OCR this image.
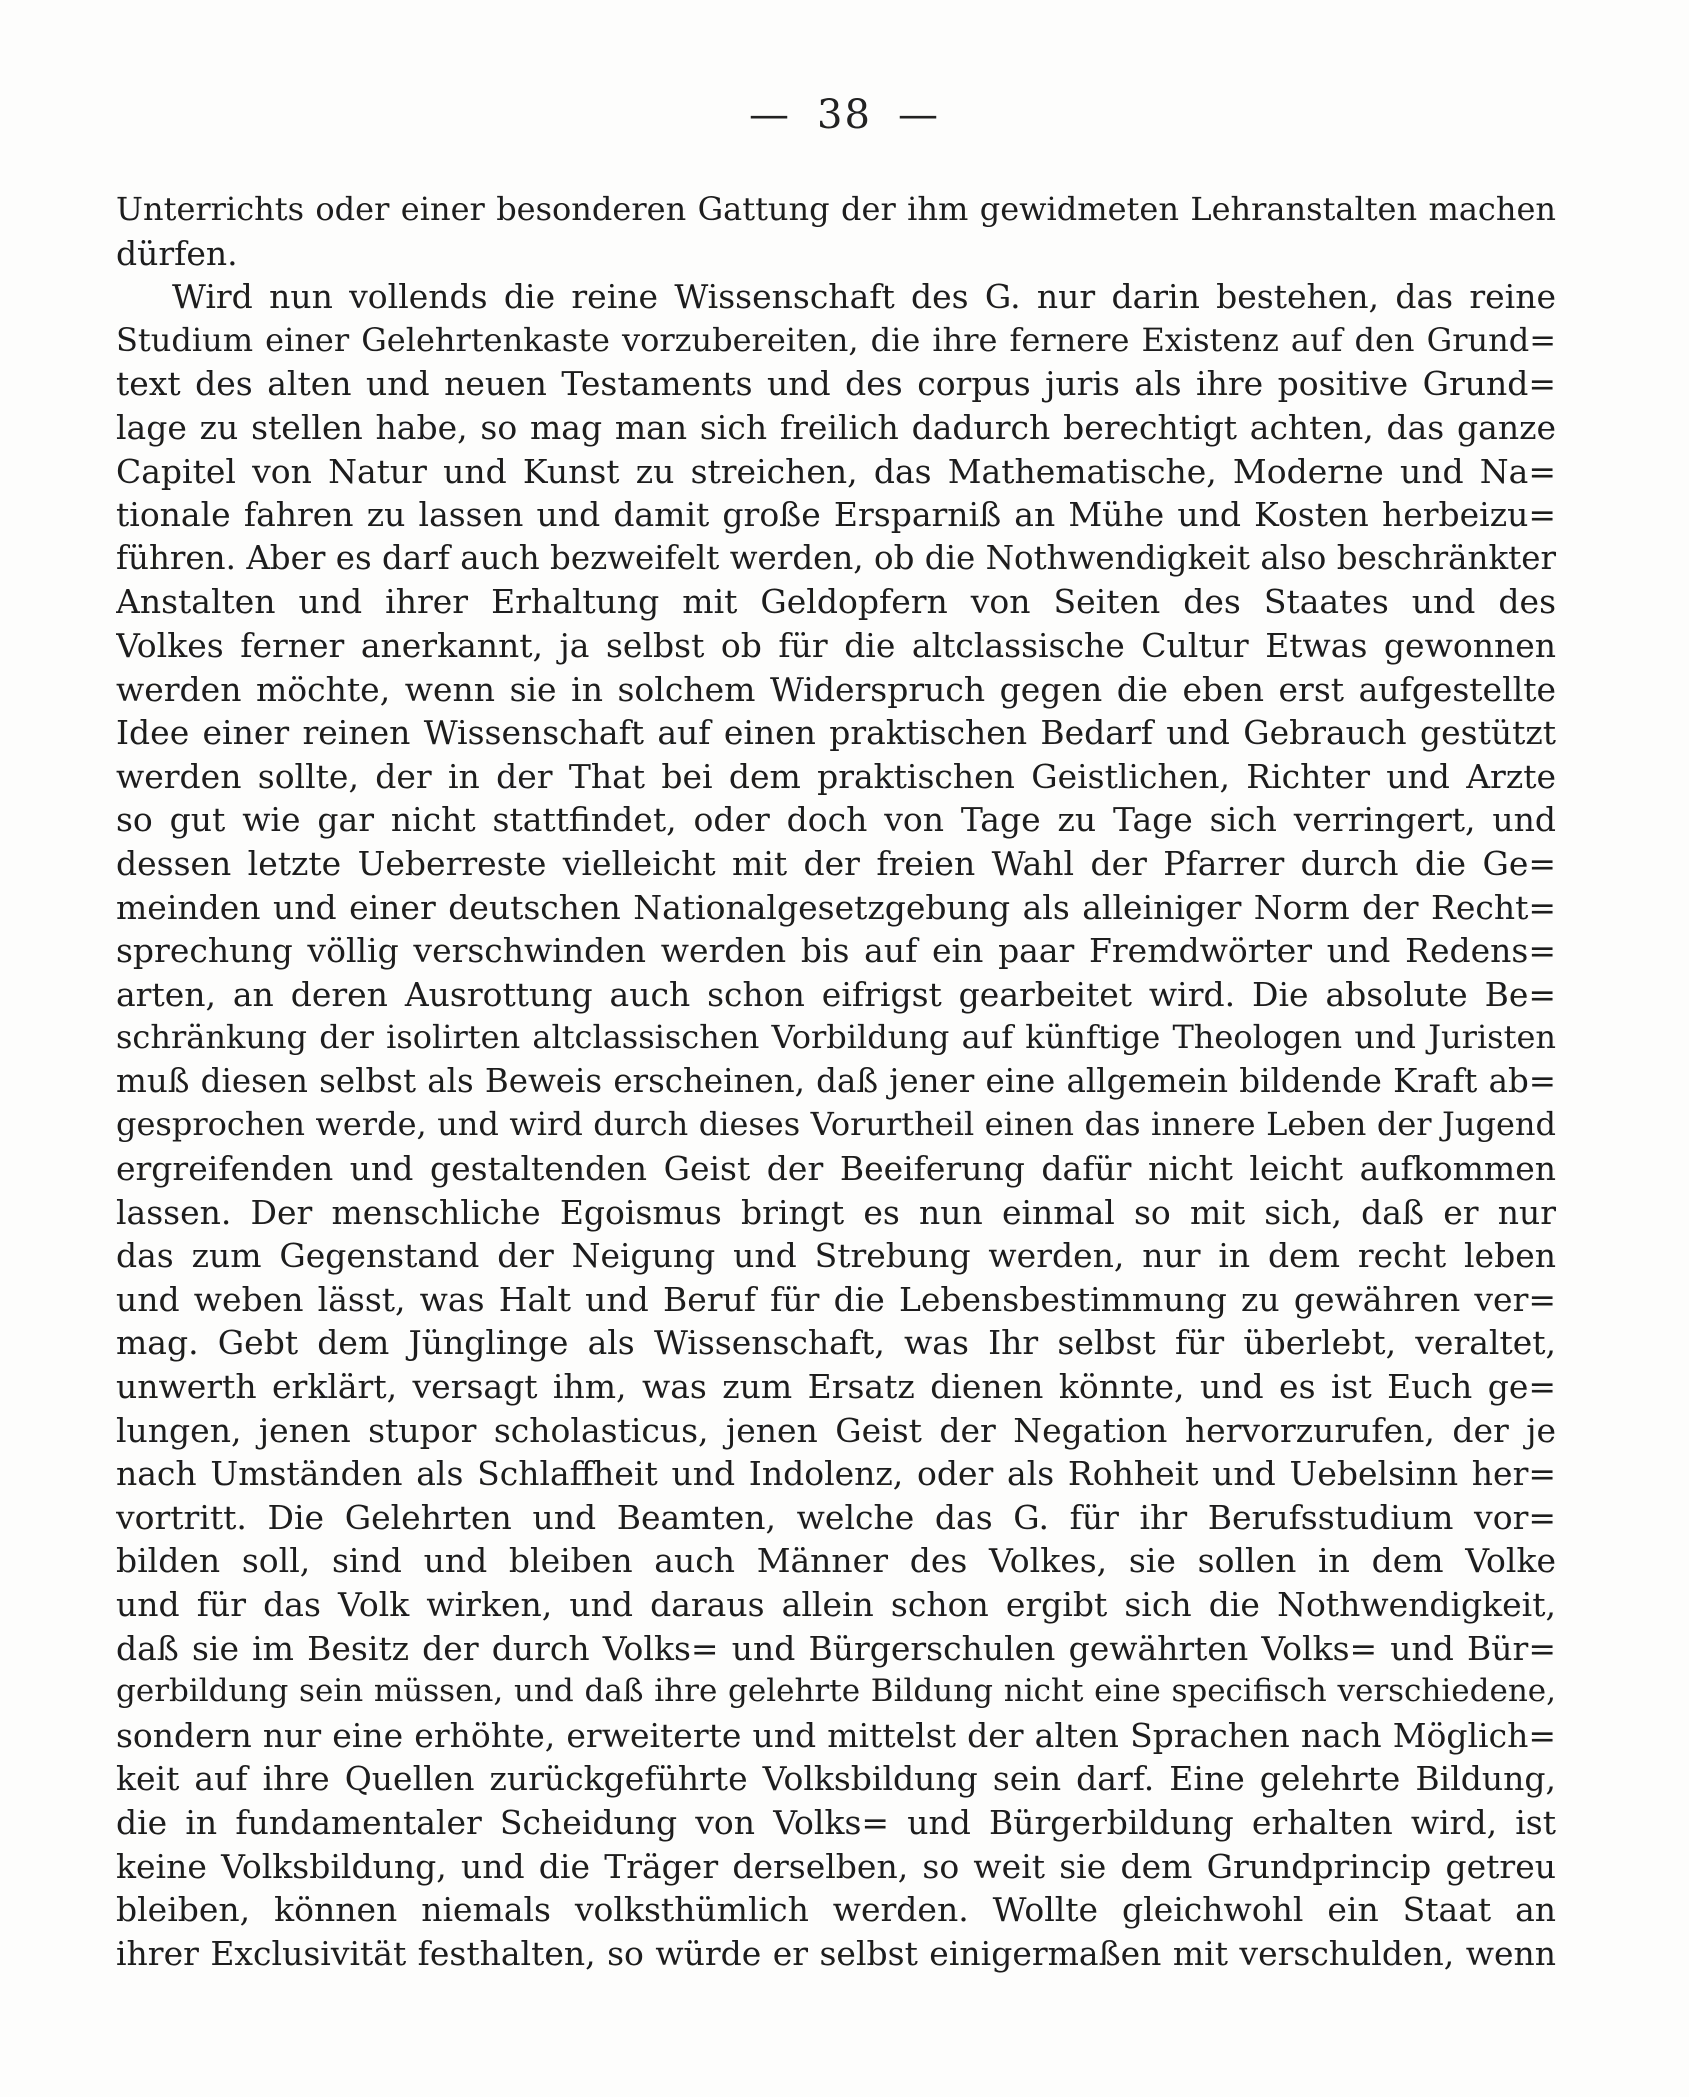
— 38 —
Unterrichts oder einer besonderen Gattung der ihm gewidmeten Lehranstalten machen
dürfen.
Wird nun vollends die reine Wissenschaft des G. nur darin bestehen, das reine
Studium einer Gelehrtenkaste vorzubereiten, die ihre fernere Existenz auf den Grund=
text des alten und neuen Testaments und des corpus juris als ihre positive Grund=
lage zu stellen habe, so mag man sich freilich dadurch berechtigt achten, das ganze
Capitel von Natur und Kunst zu streichen, das Mathematische, Moderne und Na=
tionale fahren zu lassen und damit große Ersparniß an Mühe und Kosten herbeizu=
führen. Aber es darf auch bezweifelt werden, ob die Nothwendigkeit also beschränkter
Anstalten und ihrer Erhaltung mit Geldopfern von Seiten des Staates und des
Volkes ferner anerkannt, ja selbst ob für die altclassische Cultur Etwas gewonnen
werden möchte, wenn sie in solchem Widerspruch gegen die eben erst aufgestellte
Idee einer reinen Wissenschaft auf einen praktischen Bedarf und Gebrauch gestützt
werden sollte, der in der That bei dem praktischen Geistlichen, Richter und Arzte
so gut wie gar nicht stattfindet, oder doch von Tage zu Tage sich verringert, und
dessen letzte Ueberreste vielleicht mit der freien Wahl der Pfarrer durch die Ge=
meinden und einer deutschen Nationalgesetzgebung als alleiniger Norm der Recht=
sprechung völlig verschwinden werden bis auf ein paar Fremdwörter und Redens=
arten, an deren Ausrottung auch schon eifrigst gearbeitet wird. Die absolute Be=
schränkung der isolirten altclassischen Vorbildung auf künftige Theologen und Juristen
muß diesen selbst als Beweis erscheinen, daß jener eine allgemein bildende Kraft ab=
gesprochen werde, und wird durch dieses Vorurtheil einen das innere Leben der Jugend
ergreifenden und gestaltenden Geist der Beeiferung dafür nicht leicht aufkommen
lassen. Der menschliche Egoismus bringt es nun einmal so mit sich, daß er nur
das zum Gegenstand der Neigung und Strebung werden, nur in dem recht leben
und weben lässt, was Halt und Beruf für die Lebensbestimmung zu gewähren ver=
mag. Gebt dem Jünglinge als Wissenschaft, was Ihr selbst für überlebt, veraltet,
unwerth erklärt, versagt ihm, was zum Ersatz dienen könnte, und es ist Euch ge=
lungen, jenen stupor scholasticus, jenen Geist der Negation hervorzurufen, der je
nach Umständen als Schlaffheit und Indolenz, oder als Rohheit und Uebelsinn her=
vortritt. Die Gelehrten und Beamten, welche das G. für ihr Berufsstudium vor=
bilden soll, sind und bleiben auch Männer des Volkes, sie sollen in dem Volke
und für das Volk wirken, und daraus allein schon ergibt sich die Nothwendigkeit,
daß sie im Besitz der durch Volks= und Bürgerschulen gewährten Volks= und Bür=
gerbildung sein müssen, und daß ihre gelehrte Bildung nicht eine specifisch verschiedene,
sondern nur eine erhöhte, erweiterte und mittelst der alten Sprachen nach Möglich=
keit auf ihre Quellen zurückgeführte Volksbildung sein darf. Eine gelehrte Bildung,
die in fundamentaler Scheidung von Volks= und Bürgerbildung erhalten wird, ist
keine Volksbildung, und die Träger derselben, so weit sie dem Grundprincip getreu
bleiben, können niemals volksthümlich werden. Wollte gleichwohl ein Staat an
ihrer Exclusivität festhalten, so würde er selbst einigermaßen mit verschulden, wenn
